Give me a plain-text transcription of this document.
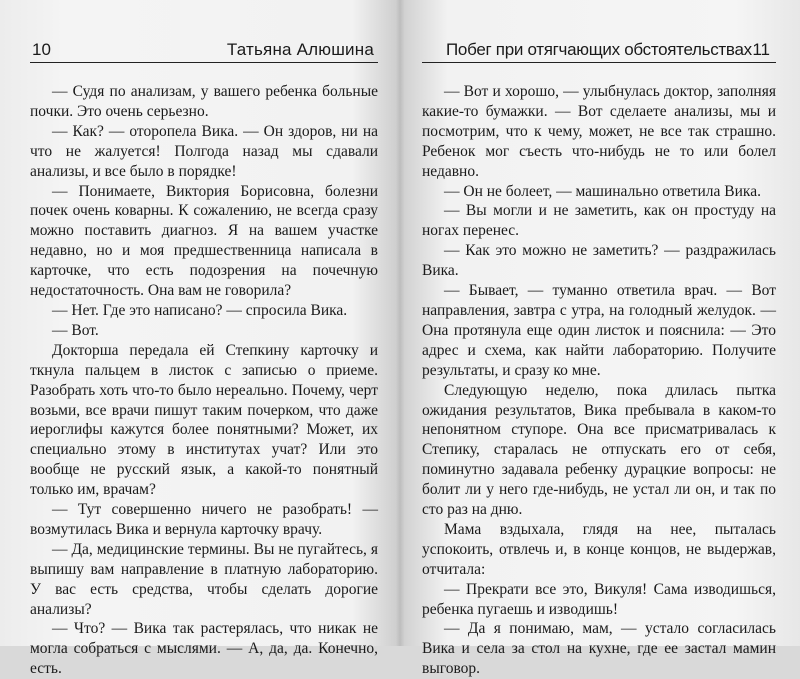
10	Татьяна Алюшина

— Судя по анализам, у вашего ребенка больные почки. Это очень серьезно.

— Как? — оторопела Вика. — Он здоров, ни на что не жалуется! Полгода назад мы сдавали анализы, и все было в порядке!

— Понимаете, Виктория Борисовна, болезни почек очень коварны. К сожалению, не всегда сразу можно поставить диагноз. Я на вашем участке недавно, но и моя предшественница написала в карточке, что есть подозрения на почечную недостаточность. Она вам не говорила?

— Нет. Где это написано? — спросила Вика.

— Вот.

Докторша передала ей Степкину карточку и ткнула пальцем в листок с записью о приеме. Разобрать хоть что-то было нереально. Почему, черт возьми, все врачи пишут таким почерком, что даже иероглифы кажутся более понятными? Может, их специально этому в институтах учат? Или это вообще не русский язык, а какой-то понятный только им, врачам?

— Тут совершенно ничего не разобрать! — возмутилась Вика и вернула карточку врачу.

— Да, медицинские термины. Вы не пугайтесь, я выпишу вам направление в платную лабораторию. У вас есть средства, чтобы сделать дорогие анализы?

— Что? — Вика так растерялась, что никак не могла собраться с мыслями. — А, да, да. Конечно, есть.

Побег при отягчающих обстоятельствах 11

— Вот и хорошо, — улыбнулась доктор, заполняя какие-то бумажки. — Вот сделаете анализы, мы и посмотрим, что к чему, может, не все так страшно. Ребенок мог съесть что-нибудь не то или болел недавно.

— Он не болеет, — машинально ответила Вика.

— Вы могли и не заметить, как он простуду на ногах перенес.

— Как это можно не заметить? — раздражилась Вика.

— Бывает, — туманно ответила врач. — Вот направления, завтра с утра, на голодный желудок. — Она протянула еще один листок и пояснила: — Это адрес и схема, как найти лабораторию. Получите результаты, и сразу ко мне.

Следующую неделю, пока длилась пытка ожидания результатов, Вика пребывала в каком-то непонятном ступоре. Она все присматривалась к Степику, старалась не отпускать его от себя, поминутно задавала ребенку дурацкие вопросы: не болит ли у него где-нибудь, не устал ли он, и так по сто раз на дню.

Мама вздыхала, глядя на нее, пыталась успокоить, отвлечь и, в конце концов, не выдержав, отчитала:

— Прекрати все это, Викуля! Сама изводишься, ребенка пугаешь и изводишь!

— Да я понимаю, мам, — устало согласилась Вика и села за стол на кухне, где ее застал мамин выговор.
